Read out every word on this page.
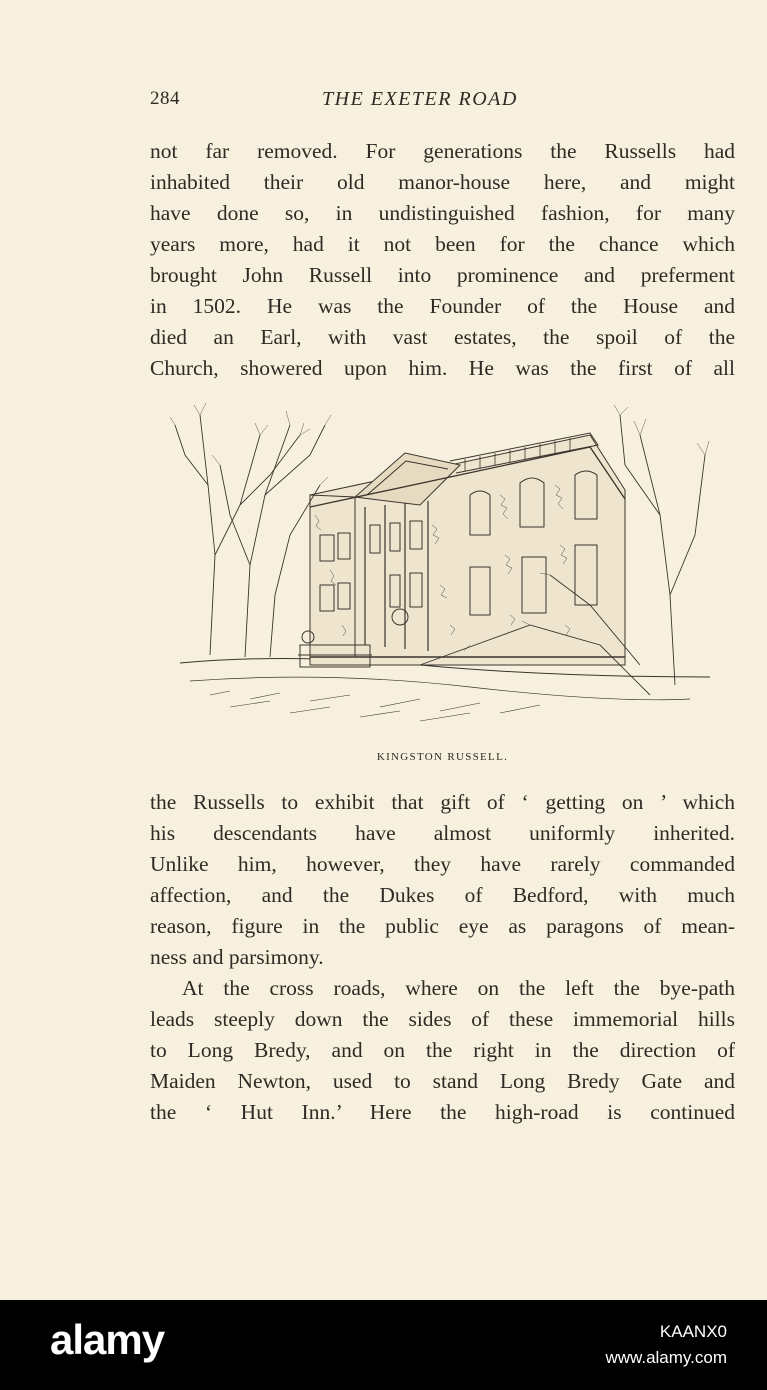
284	THE EXETER ROAD
not far removed. For generations the Russells had
inhabited their old manor-house here, and might
have done so, in undistinguished fashion, for many
years more, had it not been for the chance which
brought John Russell into prominence and preferment
in 1502. He was the Founder of the House and
died an Earl, with vast estates, the spoil of the
Church, showered upon him. He was the first of all
KINGSTON RUSSELL.
the Russells to exhibit that gift of ‘ getting on ’ which
his descendants have almost uniformly inherited.
Unlike him, however, they have rarely commanded
affection, and the Dukes of Bedford, with much
reason, figure in the public eye as paragons of mean-
ness and parsimony.
At the cross roads, where on the left the bye-path
leads steeply down the sides of these immemorial hills
to Long Bredy, and on the right in the direction of
Maiden Newton, used to stand Long Bredy Gate and
the ‘ Hut Inn.’ Here the high-road is continued
alamy	KAANX0
www.alamy.com
